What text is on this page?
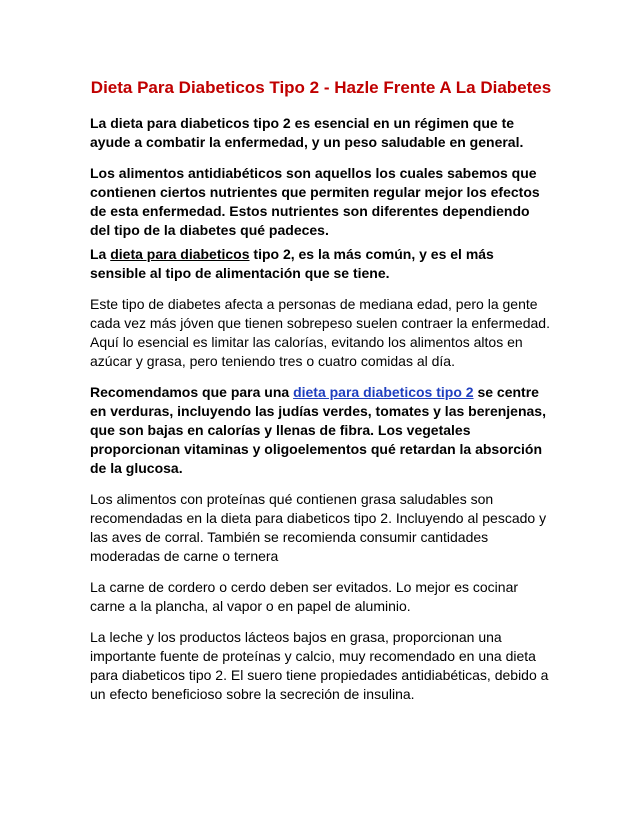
Dieta Para Diabeticos Tipo 2 - Hazle Frente A La Diabetes

La dieta para diabeticos tipo 2 es esencial en un régimen que te ayude a combatir la enfermedad, y un peso saludable en general.

Los alimentos antidiabéticos son aquellos los cuales sabemos que contienen ciertos nutrientes que permiten regular mejor los efectos de esta enfermedad. Estos nutrientes son diferentes dependiendo del tipo de la diabetes qué padeces.

La dieta para diabeticos tipo 2, es la más común, y es el más sensible al tipo de alimentación que se tiene.

Este tipo de diabetes afecta a personas de mediana edad, pero la gente cada vez más jóven que tienen sobrepeso suelen contraer la enfermedad. Aquí lo esencial es limitar las calorías, evitando los alimentos altos en azúcar y grasa, pero teniendo tres o cuatro comidas al día.

Recomendamos que para una dieta para diabeticos tipo 2 se centre en verduras, incluyendo las judías verdes, tomates y las berenjenas, que son bajas en calorías y llenas de fibra. Los vegetales proporcionan vitaminas y oligoelementos qué retardan la absorción de la glucosa.

Los alimentos con proteínas qué contienen grasa saludables son recomendadas en la dieta para diabeticos tipo 2. Incluyendo al pescado y las aves de corral. También se recomienda consumir cantidades moderadas de carne o ternera

La carne de cordero o cerdo deben ser evitados. Lo mejor es cocinar carne a la plancha, al vapor o en papel de aluminio.

La leche y los productos lácteos bajos en grasa, proporcionan una importante fuente de proteínas y calcio, muy recomendado en una dieta para diabeticos tipo 2. El suero tiene propiedades antidiabéticas, debido a un efecto beneficioso sobre la secreción de insulina.
